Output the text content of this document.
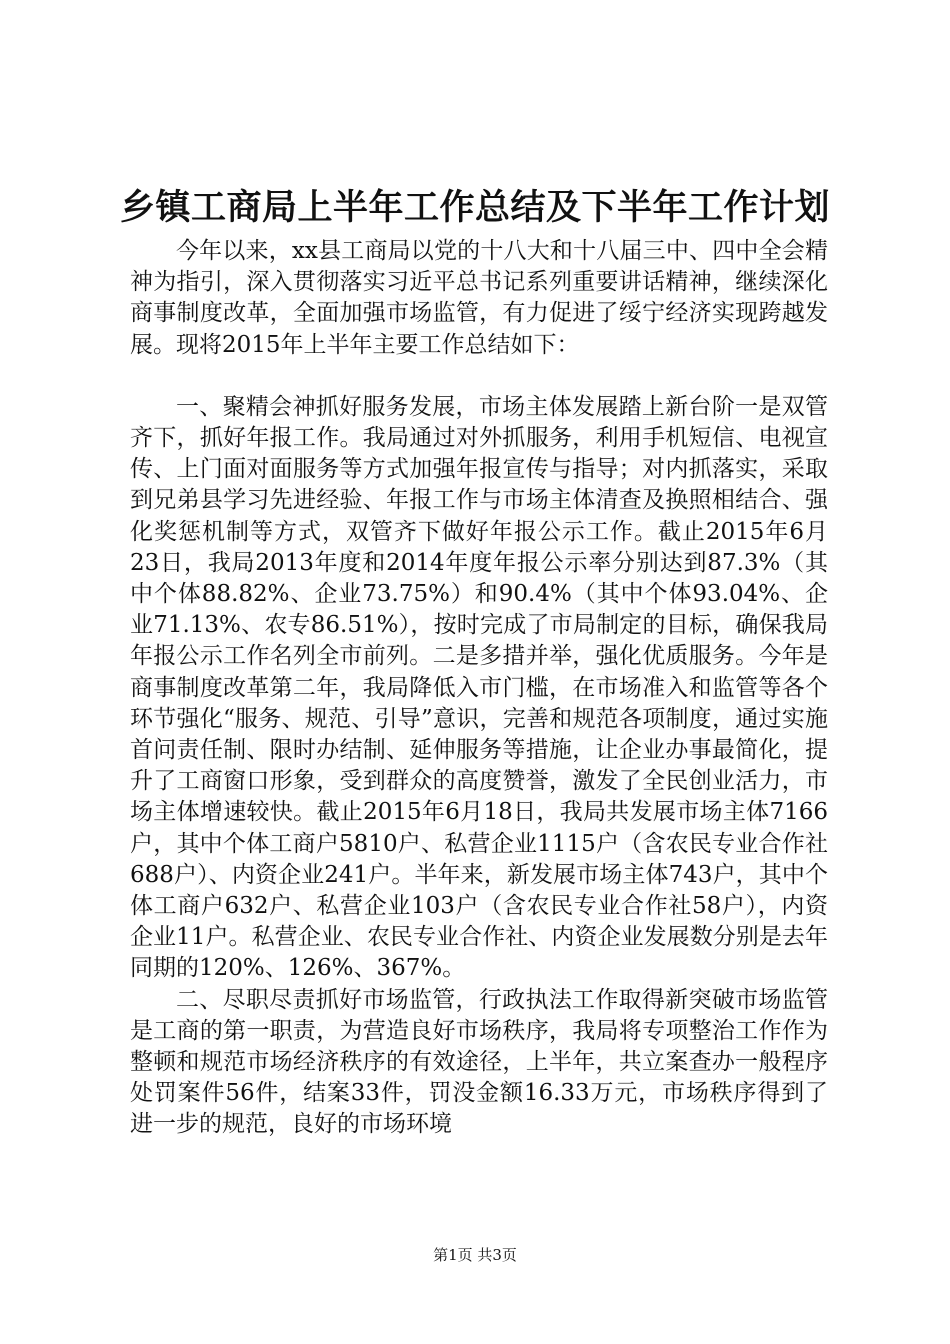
乡镇工商局上半年工作总结及下半年工作计划

今年以来，xx县工商局以党的十八大和十八届三中、四中全会精神为指引，深入贯彻落实习近平总书记系列重要讲话精神，继续深化商事制度改革，全面加强市场监管，有力促进了绥宁经济实现跨越发展。现将2015年上半年主要工作总结如下：

一、聚精会神抓好服务发展，市场主体发展踏上新台阶一是双管齐下，抓好年报工作。我局通过对外抓服务，利用手机短信、电视宣传、上门面对面服务等方式加强年报宣传与指导；对内抓落实，采取到兄弟县学习先进经验、年报工作与市场主体清查及换照相结合、强化奖惩机制等方式，双管齐下做好年报公示工作。截止2015年6月23日，我局2013年度和2014年度年报公示率分别达到87.3%（其中个体88.82%、企业73.75%）和90.4%（其中个体93.04%、企业71.13%、农专86.51%），按时完成了市局制定的目标，确保我局年报公示工作名列全市前列。二是多措并举，强化优质服务。今年是商事制度改革第二年，我局降低入市门槛，在市场准入和监管等各个环节强化“服务、规范、引导”意识，完善和规范各项制度，通过实施首问责任制、限时办结制、延伸服务等措施，让企业办事最简化，提升了工商窗口形象，受到群众的高度赞誉，激发了全民创业活力，市场主体增速较快。截止2015年6月18日，我局共发展市场主体7166户，其中个体工商户5810户、私营企业1115户（含农民专业合作社688户）、内资企业241户。半年来，新发展市场主体743户，其中个体工商户632户、私营企业103户（含农民专业合作社58户），内资企业11户。私营企业、农民专业合作社、内资企业发展数分别是去年同期的120%、126%、367%。

二、尽职尽责抓好市场监管，行政执法工作取得新突破市场监管是工商的第一职责，为营造良好市场秩序，我局将专项整治工作作为整顿和规范市场经济秩序的有效途径，上半年，共立案查办一般程序处罚案件56件，结案33件，罚没金额16.33万元，市场秩序得到了进一步的规范，良好的市场环境

第1页 共3页
